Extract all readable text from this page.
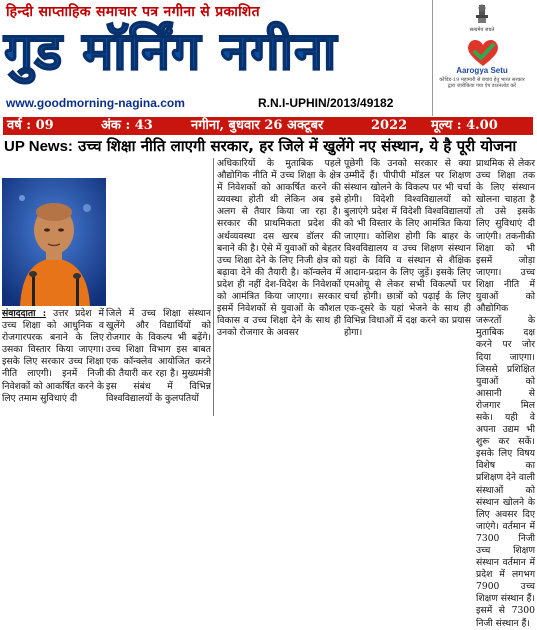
हिन्दी साप्ताहिक समाचार पत्र नगीना से प्रकाशित
गुड मॉर्निंग नगीना
www.goodmorning-nagina.com	R.N.I-UPHIN/2013/49182
सत्यमेव जयते
Aarogya Setu
कोविड-19 महामारी से बचाव हेतु भारत सरकार द्वारा जारीकिया गया ऐप डाउनलोड करें
वर्ष : 09	अंक : 43	नगीना, बुधवार 26 अक्टूबर	2022 मूल्य : 4.00
UP News: उच्च शिक्षा नीति लाएगी सरकार, हर जिले में खुलेंगे नए संस्थान, ये है पूरी योजना
संवाददाता : उत्तर प्रदेश में उच्च शिक्षा को आधुनिक व रोजगारपरक बनाने के लिए उसका विस्तार किया जाएगा। इसके लिए सरकार उच्च शिक्षा नीति लाएगी। इनमें निजी निवेशकों को आकर्षित करने के लिए तमाम सुविधाएं दी
जिले में उच्च शिक्षा संस्थान खुलेंगे और विद्यार्थियों को रोजगार के विकल्प भी बढ़ेंगे। उच्च शिक्षा विभाग इस बाबत एक कॉन्क्लेव आयोजित करने की तैयारी कर रहा है। मुख्यमंत्री इस संबंध में विभिन्न विश्वविद्यालयों के कुलपतियों
अधिकारियों के मुताबिक पहले औद्योगिक नीति में उच्च शिक्षा के क्षेत्र में निवेशकों को आकर्षित करने की व्यवस्था होती थी लेकिन अब इसे अलग से तैयार किया जा रहा है। सरकार की प्राथमिकता प्रदेश की अर्थव्यवस्था दस खरब डॉलर की बनाने की है। ऐसे में युवाओं को बेहतर उच्च शिक्षा देने के लिए निजी क्षेत्र को बढ़ावा देने की तैयारी है। कॉन्क्लेव में प्रदेश ही नहीं देश-विदेश के निवेशकों को आमंत्रित किया जाएगा। सरकार इसमें निवेशकों से युवाओं के कौशल विकास व उच्च शिक्षा देने के साथ ही उनको रोजगार के अवसर
पूछेगी कि उनको सरकार से क्या उम्मीदें हैं। पीपीपी मॉडल पर शिक्षण संस्थान खोलने के विकल्प पर भी चर्चा होगी। विदेशी विश्वविद्यालयों को बुलाएंगे प्रदेश में विदेशी विश्वविद्यालयों को भी विस्तार के लिए आमंत्रित किया जाएगा। कोशिश होगी कि बाहर के विश्वविद्यालय व उच्च शिक्षण संस्थान यहां के विवि व संस्थान से शैक्षिक आदान-प्रदान के लिए जुड़ें। इसके लिए एमओयू से लेकर सभी विकल्पों पर चर्चा होगी। छात्रों को पढ़ाई के लिए एक-दूसरे के यहां भेजने के साथ ही विभिन्न विधाओं में दक्ष करने का प्रयास होगा।
प्राथमिक से लेकर उच्च शिक्षा तक के लिए संस्थान खोलना चाहता है तो उसे इसके लिए सुविधाएं दी जाएंगी। तकनीकी शिक्षा को भी इसमें जोड़ा जाएगा। उच्च शिक्षा नीति में युवाओं को औद्योगिक जरूरतों के मुताबिक दक्ष करने पर जोर दिया जाएगा। जिससे प्रशिक्षित युवाओं को आसानी से रोजगार मिल सके। यही वे अपना उद्यम भी शुरू कर सकें। इसके लिए विषय विशेष का प्रशिक्षण देने वाली संस्थाओं को संस्थान खोलने के लिए अवसर दिए जाएंगे। वर्तमान में 7300 निजी उच्च शिक्षण संस्थान वर्तमान में प्रदेश में लगभग 7900 उच्च शिक्षण संस्थान हैं। इसमें से 7300 निजी संस्थान हैं।
